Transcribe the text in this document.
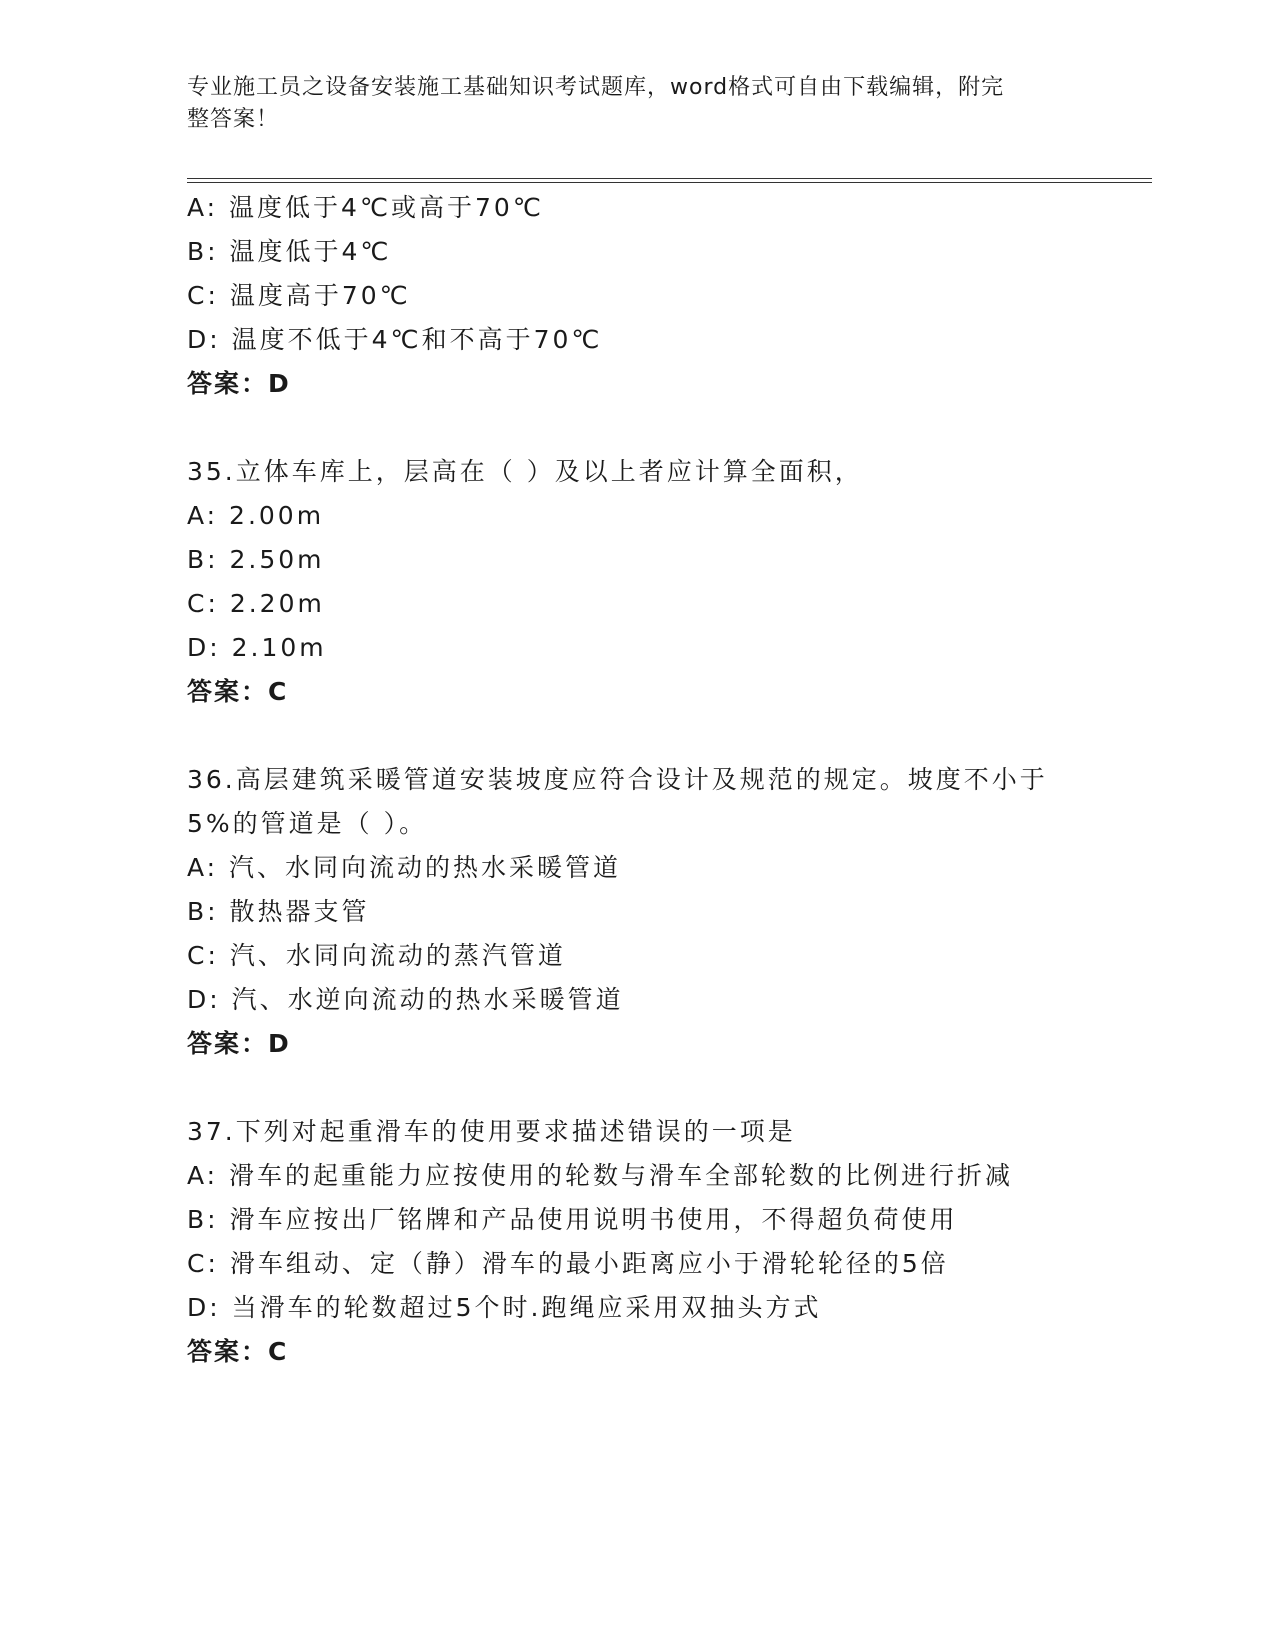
专业施工员之设备安装施工基础知识考试题库，word格式可自由下载编辑，附完
整答案！
A: 温度低于4℃或高于70℃
B: 温度低于4℃
C: 温度高于70℃
D: 温度不低于4℃和不高于70℃
答案：D
35.立体车库上，层高在（ ）及以上者应计算全面积，
A: 2.00m
B: 2.50m
C: 2.20m
D: 2.10m
答案：C
36.高层建筑采暖管道安装坡度应符合设计及规范的规定。坡度不小于
5%的管道是（ ）。
A: 汽、水同向流动的热水采暖管道
B: 散热器支管
C: 汽、水同向流动的蒸汽管道
D: 汽、水逆向流动的热水采暖管道
答案：D
37.下列对起重滑车的使用要求描述错误的一项是
A: 滑车的起重能力应按使用的轮数与滑车全部轮数的比例进行折减
B: 滑车应按出厂铭牌和产品使用说明书使用，不得超负荷使用
C: 滑车组动、定（静）滑车的最小距离应小于滑轮轮径的5倍
D: 当滑车的轮数超过5个时.跑绳应采用双抽头方式
答案：C
